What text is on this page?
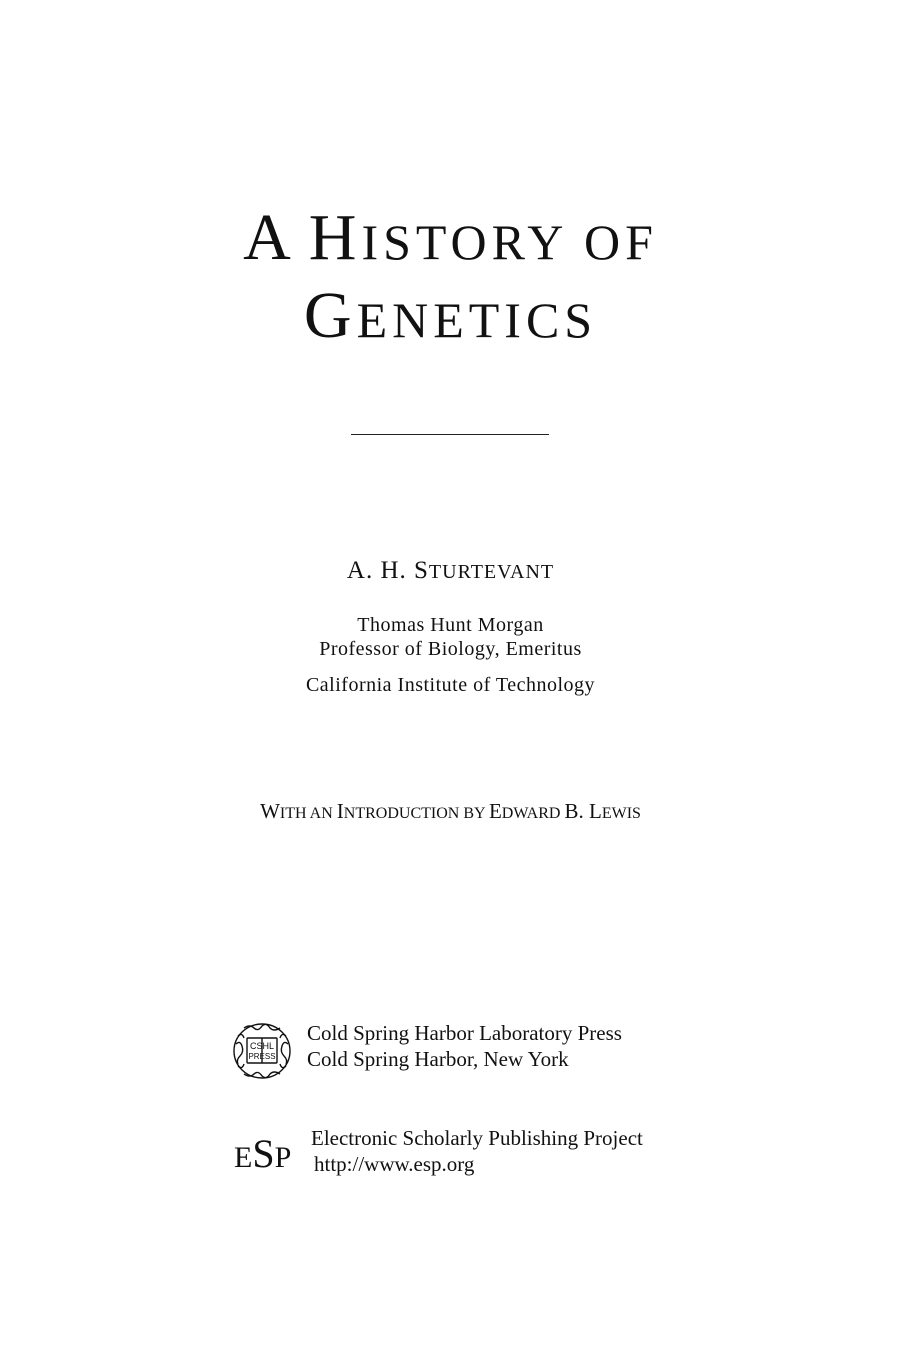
A HISTORY OF
GENETICS
A. H. STURTEVANT
Thomas Hunt Morgan
Professor of Biology, Emeritus
California Institute of Technology
WITH AN INTRODUCTION BY EDWARD B. LEWIS
CSHL
PRESS
Cold Spring Harbor Laboratory Press
Cold Spring Harbor, New York
ESP
Electronic Scholarly Publishing Project
http://www.esp.org
